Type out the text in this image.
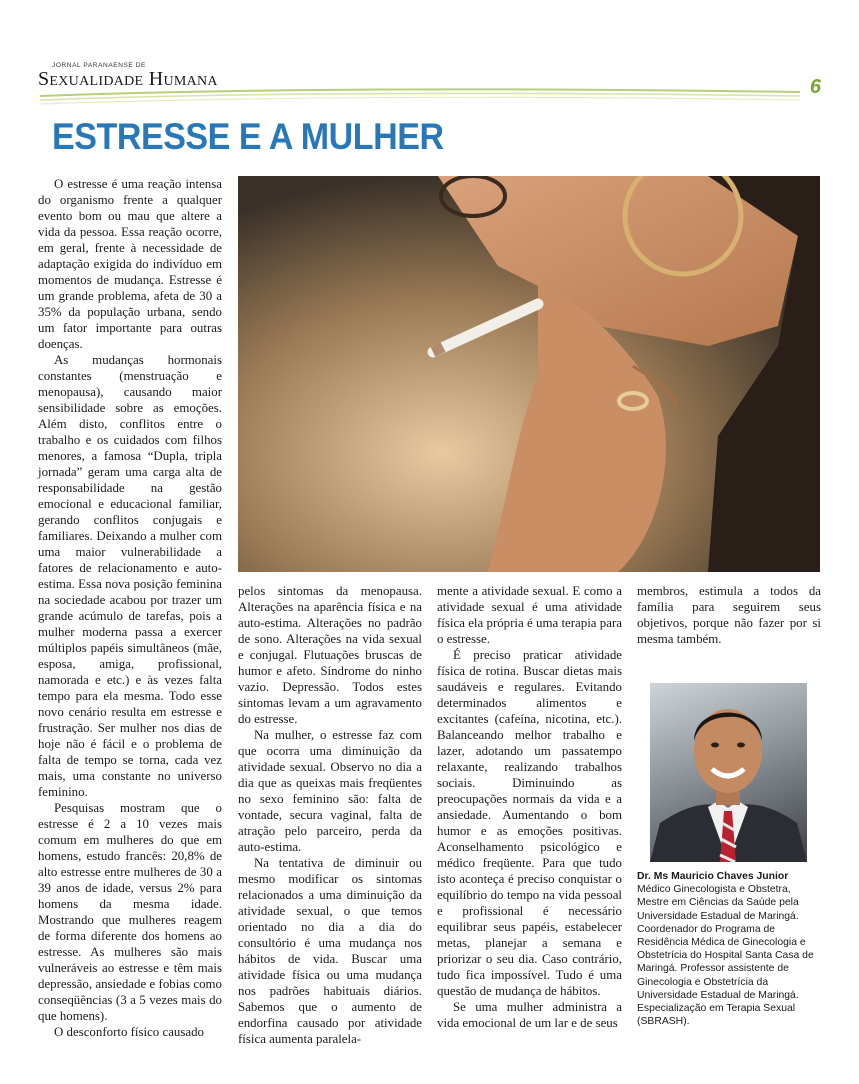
JORNAL PARANAENSE DE
Sexualidade Humana	6
ESTRESSE E A MULHER

O estresse é uma reação intensa do organismo frente a qualquer evento bom ou mau que altere a vida da pessoa. Essa reação ocorre, em geral, frente à necessidade de adaptação exigida do indivíduo em momentos de mudança. Estresse é um grande problema, afeta de 30 a 35% da população urbana, sendo um fator importante para outras doenças.

As mudanças hormonais constantes (menstruação e menopausa), causando maior sensibilidade sobre as emoções. Além disto, conflitos entre o trabalho e os cuidados com filhos menores, a famosa “Dupla, tripla jornada” geram uma carga alta de responsabilidade na gestão emocional e educacional familiar, gerando conflitos conjugais e familiares. Deixando a mulher com uma maior vulnerabilidade a fatores de relacionamento e auto-estima. Essa nova posição feminina na sociedade acabou por trazer um grande acúmulo de tarefas, pois a mulher moderna passa a exercer múltiplos papéis simultâneos (mãe, esposa, amiga, profissional, namorada e etc.) e às vezes falta tempo para ela mesma. Todo esse novo cenário resulta em estresse e frustração. Ser mulher nos dias de hoje não é fácil e o problema de falta de tempo se torna, cada vez mais, uma constante no universo feminino.

Pesquisas mostram que o estresse é 2 a 10 vezes mais comum em mulheres do que em homens, estudo francês: 20,8% de alto estresse entre mulheres de 30 a 39 anos de idade, versus 2% para homens da mesma idade. Mostrando que mulheres reagem de forma diferente dos homens ao estresse. As mulheres são mais vulneráveis ao estresse e têm mais depressão, ansiedade e fobias como conseqüências (3 a 5 vezes mais do que homens).

O desconforto físico causado

pelos sintomas da menopausa. Alterações na aparência física e na auto-estima. Alterações no padrão de sono. Alterações na vida sexual e conjugal. Flutuações bruscas de humor e afeto. Síndrome do ninho vazio. Depressão. Todos estes sintomas levam a um agravamento do estresse.

Na mulher, o estresse faz com que ocorra uma diminuição da atividade sexual. Observo no dia a dia que as queixas mais freqüentes no sexo feminino são: falta de vontade, secura vaginal, falta de atração pelo parceiro, perda da auto-estima.

Na tentativa de diminuir ou mesmo modificar os sintomas relacionados a uma diminuição da atividade sexual, o que temos orientado no dia a dia do consultório é uma mudança nos hábitos de vida. Buscar uma atividade física ou uma mudança nos padrões habituais diários. Sabemos que o aumento de endorfina causado por atividade física aumenta paralela-

mente a atividade sexual. E como a atividade sexual é uma atividade física ela própria é uma terapia para o estresse.

É preciso praticar atividade física de rotina. Buscar dietas mais saudáveis e regulares. Evitando determinados alimentos e excitantes (cafeína, nicotina, etc.). Balanceando melhor trabalho e lazer, adotando um passatempo relaxante, realizando trabalhos sociais. Diminuindo as preocupações normais da vida e a ansiedade. Aumentando o bom humor e as emoções positivas. Aconselhamento psicológico e médico freqüente. Para que tudo isto aconteça é preciso conquistar o equilíbrio do tempo na vida pessoal e profissional é necessário equilibrar seus papéis, estabelecer metas, planejar a semana e priorizar o seu dia. Caso contrário, tudo fica impossível. Tudo é uma questão de mudança de hábitos.

Se uma mulher administra a vida emocional de um lar e de seus

membros, estimula a todos da família para seguirem seus objetivos, porque não fazer por si mesma também.

Dr. Ms Mauricio Chaves Junior
Médico Ginecologista e Obstetra, Mestre em Ciências da Saúde pela Universidade Estadual de Maringá. Coordenador do Programa de Residência Médica de Ginecologia e Obstetrícia do Hospital Santa Casa de Maringá. Professor assistente de Ginecologia e Obstetrícia da Universidade Estadual de Maringá. Especialização em Terapia Sexual (SBRASH).
